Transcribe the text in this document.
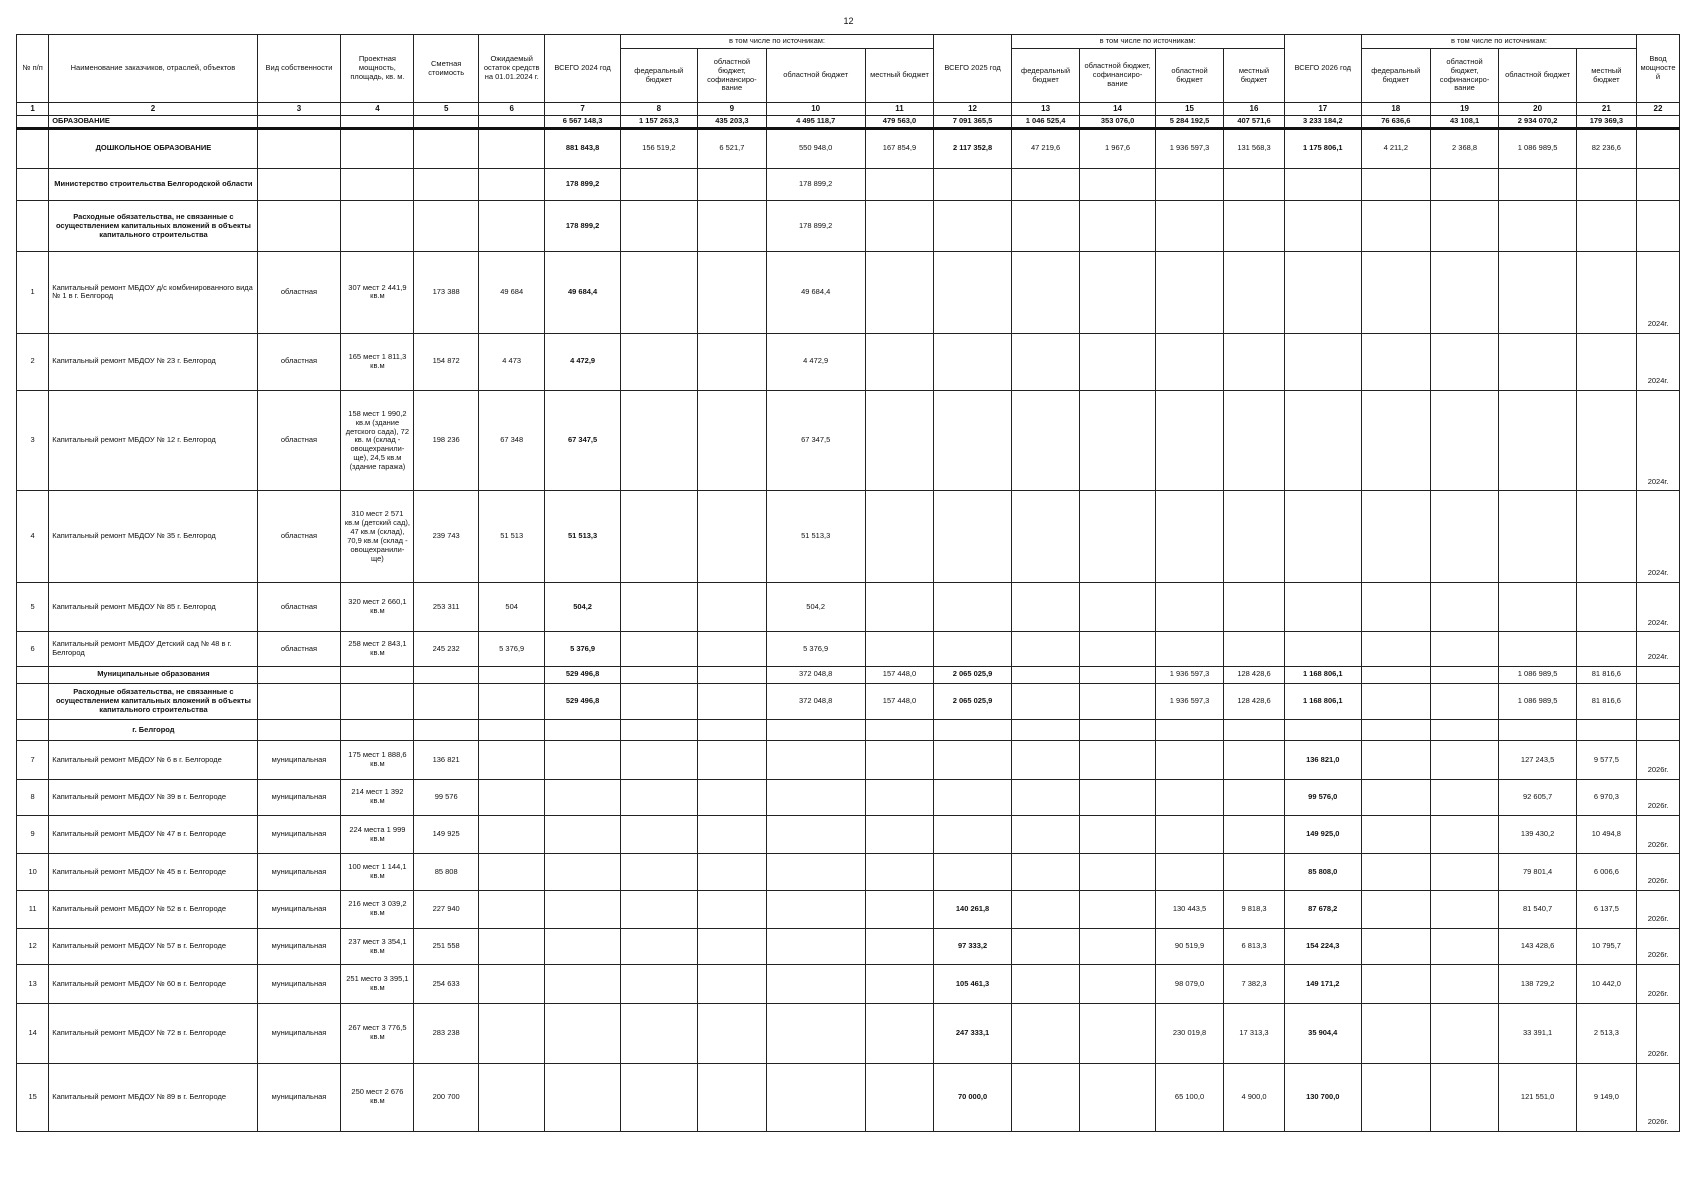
12
№ п/п	Наименование заказчиков, отраслей, объектов	Вид собственности	Проектная мощность, площадь, кв. м.	Сметная стоимость	Ожидаемый остаток средств на 01.01.2024 г.	ВСЕГО 2024 год	в том числе по источникам:				ВСЕГО 2025 год	в том числе по источникам:				ВСЕГО 2026 год	в том числе по источникам:				Ввод мощностей
							федеральный бюджет	областной бюджет, софинансиро- вание	областной бюджет	местный бюджет		федеральный бюджет	областной бюджет, софинансиро- вание	областной бюджет	местный бюджет		федеральный бюджет	областной бюджет, софинансиро- вание	областной бюджет	местный бюджет	
1	2	3	4	5	6	7	8	9	10	11	12	13	14	15	16	17	18	19	20	21	22
	ОБРАЗОВАНИЕ					6 567 148,3	1 157 263,3	435 203,3	4 495 118,7	479 563,0	7 091 365,5	1 046 525,4	353 076,0	5 284 192,5	407 571,6	3 233 184,2	76 636,6	43 108,1	2 934 070,2	179 369,3	
	ДОШКОЛЬНОЕ ОБРАЗОВАНИЕ					881 843,8	156 519,2	6 521,7	550 948,0	167 854,9	2 117 352,8	47 219,6	1 967,6	1 936 597,3	131 568,3	1 175 806,1	4 211,2	2 368,8	1 086 989,5	82 236,6	
	Министерство строительства Белгородской области					178 899,2			178 899,2												
	Расходные обязательства, не связанные с осуществлением капитальных вложений в объекты капитального строительства					178 899,2			178 899,2												
1	Капитальный ремонт МБДОУ д/с комбинированного вида № 1 в г. Белгород	областная	307 мест 2 441,9 кв.м	173 388	49 684	49 684,4			49 684,4												2024г.
2	Капитальный ремонт МБДОУ № 23 г. Белгород	областная	165 мест 1 811,3 кв.м	154 872	4 473	4 472,9			4 472,9												2024г.
3	Капитальный ремонт МБДОУ № 12 г. Белгород	областная	158 мест 1 990,2 кв.м (здание детского сада), 72 кв. м (склад - овощехранили- ще), 24,5 кв.м (здание гаража)	198 236	67 348	67 347,5			67 347,5												2024г.
4	Капитальный ремонт МБДОУ № 35 г. Белгород	областная	310 мест 2 571 кв.м (детский сад), 47 кв.м (склад), 70,9 кв.м (склад - овощехранили- ще)	239 743	51 513	51 513,3			51 513,3												2024г.
5	Капитальный ремонт МБДОУ № 85 г. Белгород	областная	320 мест 2 660,1 кв.м	253 311	504	504,2			504,2												2024г.
6	Капитальный ремонт МБДОУ Детский сад № 48 в г. Белгород	областная	258 мест 2 843,1 кв.м	245 232	5 376,9	5 376,9			5 376,9												2024г.
	Муниципальные образования					529 496,8			372 048,8	157 448,0	2 065 025,9			1 936 597,3	128 428,6	1 168 806,1			1 086 989,5	81 816,6	
	Расходные обязательства, не связанные с осуществлением капитальных вложений в объекты капитального строительства					529 496,8			372 048,8	157 448,0	2 065 025,9			1 936 597,3	128 428,6	1 168 806,1			1 086 989,5	81 816,6	
	г. Белгород																				
7	Капитальный ремонт МБДОУ № 6 в г. Белгороде	муниципальная	175 мест 1 888,6 кв.м	136 821												136 821,0			127 243,5	9 577,5	2026г.
8	Капитальный ремонт МБДОУ № 39 в г. Белгороде	муниципальная	214 мест 1 392 кв.м	99 576												99 576,0			92 605,7	6 970,3	2026г.
9	Капитальный ремонт МБДОУ № 47 в г. Белгороде	муниципальная	224 места 1 999 кв.м	149 925												149 925,0			139 430,2	10 494,8	2026г.
10	Капитальный ремонт МБДОУ № 45 в г. Белгороде	муниципальная	100 мест 1 144,1 кв.м	85 808												85 808,0			79 801,4	6 006,6	2026г.
11	Капитальный ремонт МБДОУ № 52 в г. Белгороде	муниципальная	216 мест 3 039,2 кв.м	227 940							140 261,8			130 443,5	9 818,3	87 678,2			81 540,7	6 137,5	2026г.
12	Капитальный ремонт МБДОУ № 57 в г. Белгороде	муниципальная	237 мест 3 354,1 кв.м	251 558							97 333,2			90 519,9	6 813,3	154 224,3			143 428,6	10 795,7	2026г.
13	Капитальный ремонт МБДОУ № 60 в г. Белгороде	муниципальная	251 место 3 395,1 кв.м	254 633							105 461,3			98 079,0	7 382,3	149 171,2			138 729,2	10 442,0	2026г.
14	Капитальный ремонт МБДОУ № 72 в г. Белгороде	муниципальная	267 мест 3 776,5 кв.м	283 238							247 333,1			230 019,8	17 313,3	35 904,4			33 391,1	2 513,3	2026г.
15	Капитальный ремонт МБДОУ № 89 в г. Белгороде	муниципальная	250 мест 2 676 кв.м	200 700							70 000,0			65 100,0	4 900,0	130 700,0			121 551,0	9 149,0	2026г.
